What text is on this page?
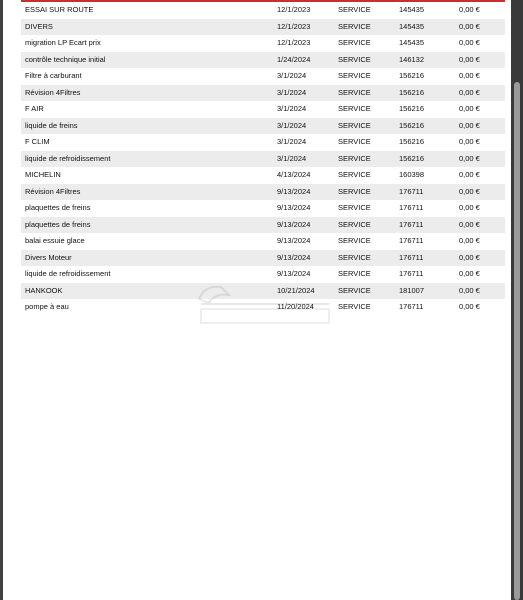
ESSAI SUR ROUTE	12/1/2023	SERVICE	145435	0,00 €
DIVERS	12/1/2023	SERVICE	145435	0,00 €
migration LP Ecart prix	12/1/2023	SERVICE	145435	0,00 €
contrôle technique initial	1/24/2024	SERVICE	146132	0,00 €
Filtre à carburant	3/1/2024	SERVICE	156216	0,00 €
Révision 4Filtres	3/1/2024	SERVICE	156216	0,00 €
F AIR	3/1/2024	SERVICE	156216	0,00 €
liquide de freins	3/1/2024	SERVICE	156216	0,00 €
F CLIM	3/1/2024	SERVICE	156216	0,00 €
liquide de refroidissement	3/1/2024	SERVICE	156216	0,00 €
MICHELIN	4/13/2024	SERVICE	160398	0,00 €
Révision 4Filtres	9/13/2024	SERVICE	176711	0,00 €
plaquettes de freins	9/13/2024	SERVICE	176711	0,00 €
plaquettes de freins	9/13/2024	SERVICE	176711	0,00 €
balai essuie glace	9/13/2024	SERVICE	176711	0,00 €
Divers Moteur	9/13/2024	SERVICE	176711	0,00 €
liquide de refroidissement	9/13/2024	SERVICE	176711	0,00 €
HANKOOK	10/21/2024	SERVICE	181007	0,00 €
pompe à eau	11/20/2024	SERVICE	176711	0,00 €
